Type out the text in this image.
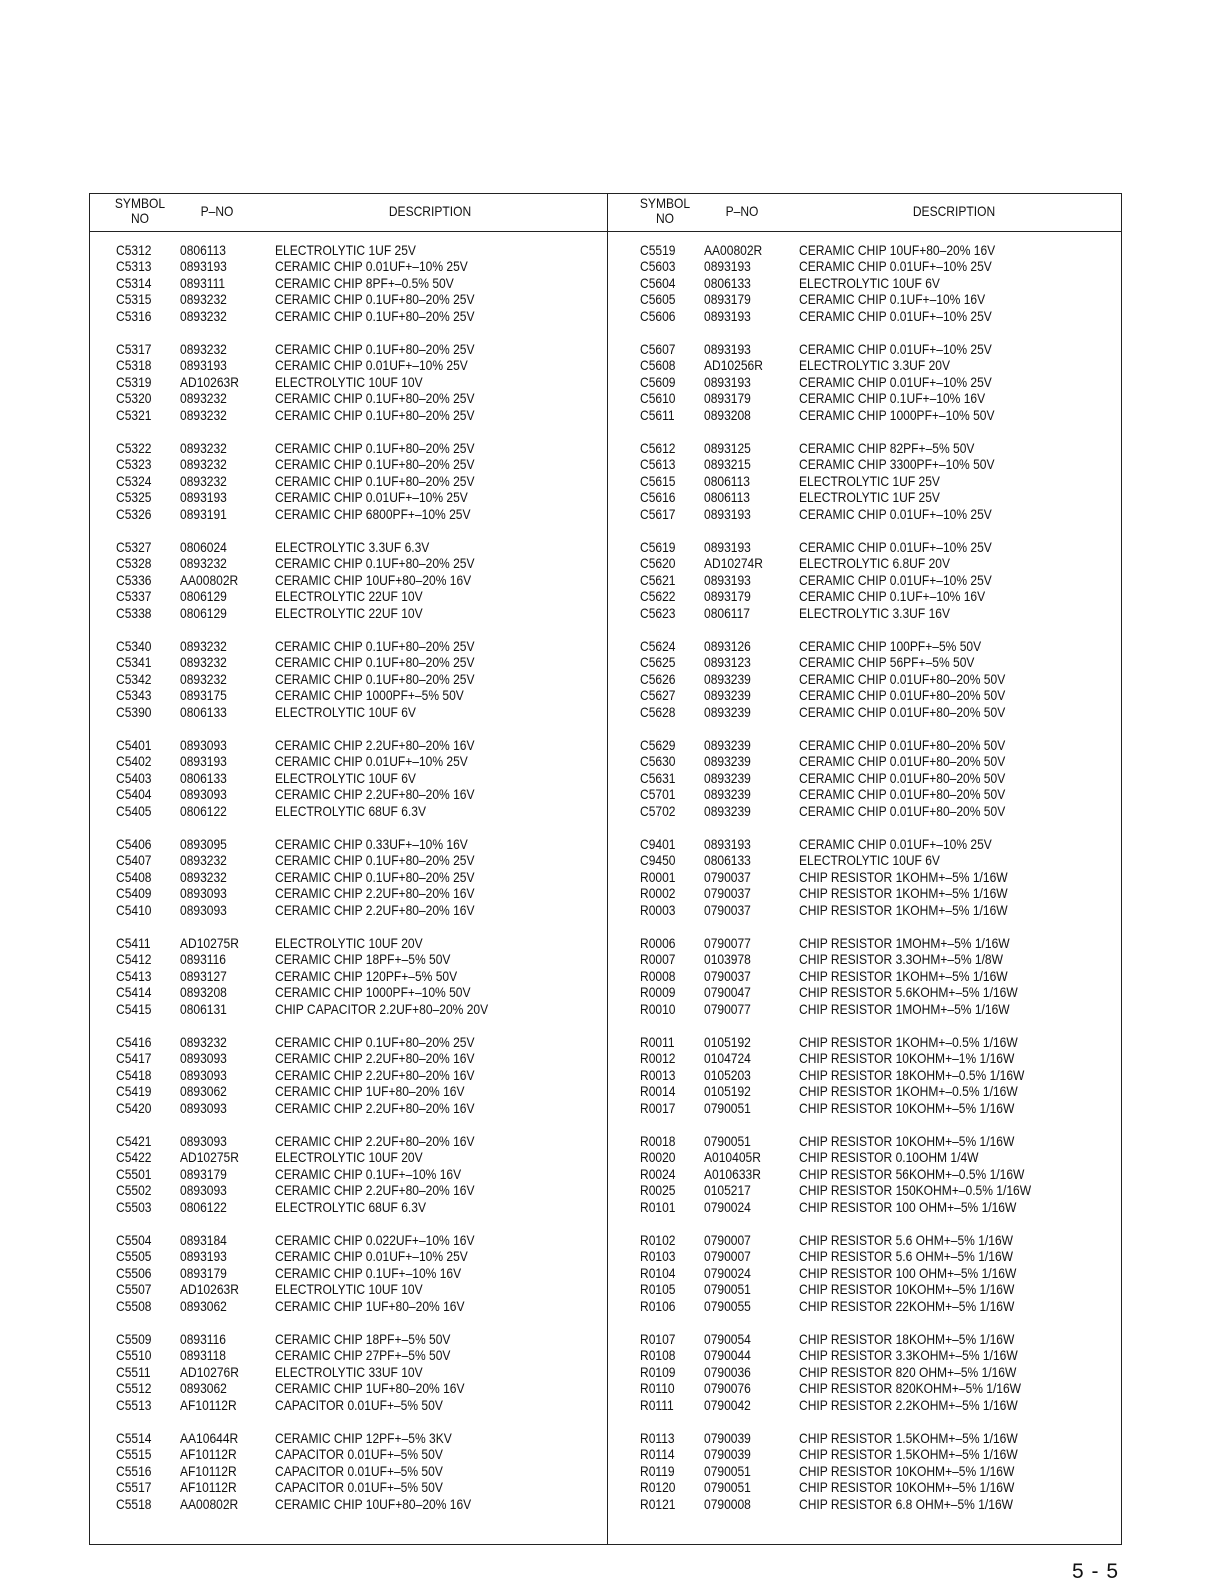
SYMBOL
NO	P–NO	DESCRIPTION	SYMBOL
NO	P–NO	DESCRIPTION
C5312 0806113	ELECTROLYTIC 1UF 25V
C5313 0893193	CERAMIC CHIP 0.01UF+–10% 25V
C5314 0893111	CERAMIC CHIP 8PF+–0.5% 50V
C5315 0893232	CERAMIC CHIP 0.1UF+80–20% 25V
C5316 0893232	CERAMIC CHIP 0.1UF+80–20% 25V
C5317 0893232	CERAMIC CHIP 0.1UF+80–20% 25V
C5318 0893193	CERAMIC CHIP 0.01UF+–10% 25V
C5319 AD10263R	ELECTROLYTIC 10UF 10V
C5320 0893232	CERAMIC CHIP 0.1UF+80–20% 25V
C5321 0893232	CERAMIC CHIP 0.1UF+80–20% 25V
C5322 0893232	CERAMIC CHIP 0.1UF+80–20% 25V
C5323 0893232	CERAMIC CHIP 0.1UF+80–20% 25V
C5324 0893232	CERAMIC CHIP 0.1UF+80–20% 25V
C5325 0893193	CERAMIC CHIP 0.01UF+–10% 25V
C5326 0893191	CERAMIC CHIP 6800PF+–10% 25V
C5327 0806024	ELECTROLYTIC 3.3UF 6.3V
C5328 0893232	CERAMIC CHIP 0.1UF+80–20% 25V
C5336 AA00802R	CERAMIC CHIP 10UF+80–20% 16V
C5337 0806129	ELECTROLYTIC 22UF 10V
C5338 0806129	ELECTROLYTIC 22UF 10V
C5340 0893232	CERAMIC CHIP 0.1UF+80–20% 25V
C5341 0893232	CERAMIC CHIP 0.1UF+80–20% 25V
C5342 0893232	CERAMIC CHIP 0.1UF+80–20% 25V
C5343 0893175	CERAMIC CHIP 1000PF+–5% 50V
C5390 0806133	ELECTROLYTIC 10UF 6V
C5401 0893093	CERAMIC CHIP 2.2UF+80–20% 16V
C5402 0893193	CERAMIC CHIP 0.01UF+–10% 25V
C5403 0806133	ELECTROLYTIC 10UF 6V
C5404 0893093	CERAMIC CHIP 2.2UF+80–20% 16V
C5405 0806122	ELECTROLYTIC 68UF 6.3V
C5406 0893095	CERAMIC CHIP 0.33UF+–10% 16V
C5407 0893232	CERAMIC CHIP 0.1UF+80–20% 25V
C5408 0893232	CERAMIC CHIP 0.1UF+80–20% 25V
C5409 0893093	CERAMIC CHIP 2.2UF+80–20% 16V
C5410 0893093	CERAMIC CHIP 2.2UF+80–20% 16V
C5411 AD10275R	ELECTROLYTIC 10UF 20V
C5412 0893116	CERAMIC CHIP 18PF+–5% 50V
C5413 0893127	CERAMIC CHIP 120PF+–5% 50V
C5414 0893208	CERAMIC CHIP 1000PF+–10% 50V
C5415 0806131	CHIP CAPACITOR 2.2UF+80–20% 20V
C5416 0893232	CERAMIC CHIP 0.1UF+80–20% 25V
C5417 0893093	CERAMIC CHIP 2.2UF+80–20% 16V
C5418 0893093	CERAMIC CHIP 2.2UF+80–20% 16V
C5419 0893062	CERAMIC CHIP 1UF+80–20% 16V
C5420 0893093	CERAMIC CHIP 2.2UF+80–20% 16V
C5421 0893093	CERAMIC CHIP 2.2UF+80–20% 16V
C5422 AD10275R	ELECTROLYTIC 10UF 20V
C5501 0893179	CERAMIC CHIP 0.1UF+–10% 16V
C5502 0893093	CERAMIC CHIP 2.2UF+80–20% 16V
C5503 0806122	ELECTROLYTIC 68UF 6.3V
C5504 0893184	CERAMIC CHIP 0.022UF+–10% 16V
C5505 0893193	CERAMIC CHIP 0.01UF+–10% 25V
C5506 0893179	CERAMIC CHIP 0.1UF+–10% 16V
C5507 AD10263R	ELECTROLYTIC 10UF 10V
C5508 0893062	CERAMIC CHIP 1UF+80–20% 16V
C5509 0893116	CERAMIC CHIP 18PF+–5% 50V
C5510 0893118	CERAMIC CHIP 27PF+–5% 50V
C5511 AD10276R	ELECTROLYTIC 33UF 10V
C5512 0893062	CERAMIC CHIP 1UF+80–20% 16V
C5513 AF10112R	CAPACITOR 0.01UF+–5% 50V
C5514 AA10644R	CERAMIC CHIP 12PF+–5% 3KV
C5515 AF10112R	CAPACITOR 0.01UF+–5% 50V
C5516 AF10112R	CAPACITOR 0.01UF+–5% 50V
C5517 AF10112R	CAPACITOR 0.01UF+–5% 50V
C5518 AA00802R	CERAMIC CHIP 10UF+80–20% 16V
C5519 AA00802R	CERAMIC CHIP 10UF+80–20% 16V
C5603 0893193	CERAMIC CHIP 0.01UF+–10% 25V
C5604 0806133	ELECTROLYTIC 10UF 6V
C5605 0893179	CERAMIC CHIP 0.1UF+–10% 16V
C5606 0893193	CERAMIC CHIP 0.01UF+–10% 25V
C5607 0893193	CERAMIC CHIP 0.01UF+–10% 25V
C5608 AD10256R	ELECTROLYTIC 3.3UF 20V
C5609 0893193	CERAMIC CHIP 0.01UF+–10% 25V
C5610 0893179	CERAMIC CHIP 0.1UF+–10% 16V
C5611 0893208	CERAMIC CHIP 1000PF+–10% 50V
C5612 0893125	CERAMIC CHIP 82PF+–5% 50V
C5613 0893215	CERAMIC CHIP 3300PF+–10% 50V
C5615 0806113	ELECTROLYTIC 1UF 25V
C5616 0806113	ELECTROLYTIC 1UF 25V
C5617 0893193	CERAMIC CHIP 0.01UF+–10% 25V
C5619 0893193	CERAMIC CHIP 0.01UF+–10% 25V
C5620 AD10274R	ELECTROLYTIC 6.8UF 20V
C5621 0893193	CERAMIC CHIP 0.01UF+–10% 25V
C5622 0893179	CERAMIC CHIP 0.1UF+–10% 16V
C5623 0806117	ELECTROLYTIC 3.3UF 16V
C5624 0893126	CERAMIC CHIP 100PF+–5% 50V
C5625 0893123	CERAMIC CHIP 56PF+–5% 50V
C5626 0893239	CERAMIC CHIP 0.01UF+80–20% 50V
C5627 0893239	CERAMIC CHIP 0.01UF+80–20% 50V
C5628 0893239	CERAMIC CHIP 0.01UF+80–20% 50V
C5629 0893239	CERAMIC CHIP 0.01UF+80–20% 50V
C5630 0893239	CERAMIC CHIP 0.01UF+80–20% 50V
C5631 0893239	CERAMIC CHIP 0.01UF+80–20% 50V
C5701 0893239	CERAMIC CHIP 0.01UF+80–20% 50V
C5702 0893239	CERAMIC CHIP 0.01UF+80–20% 50V
C9401 0893193	CERAMIC CHIP 0.01UF+–10% 25V
C9450 0806133	ELECTROLYTIC 10UF 6V
R0001 0790037	CHIP RESISTOR 1KOHM+–5% 1/16W
R0002 0790037	CHIP RESISTOR 1KOHM+–5% 1/16W
R0003 0790037	CHIP RESISTOR 1KOHM+–5% 1/16W
R0006 0790077	CHIP RESISTOR 1MOHM+–5% 1/16W
R0007 0103978	CHIP RESISTOR 3.3OHM+–5% 1/8W
R0008 0790037	CHIP RESISTOR 1KOHM+–5% 1/16W
R0009 0790047	CHIP RESISTOR 5.6KOHM+–5% 1/16W
R0010 0790077	CHIP RESISTOR 1MOHM+–5% 1/16W
R0011 0105192	CHIP RESISTOR 1KOHM+–0.5% 1/16W
R0012 0104724	CHIP RESISTOR 10KOHM+–1% 1/16W
R0013 0105203	CHIP RESISTOR 18KOHM+–0.5% 1/16W
R0014 0105192	CHIP RESISTOR 1KOHM+–0.5% 1/16W
R0017 0790051	CHIP RESISTOR 10KOHM+–5% 1/16W
R0018 0790051	CHIP RESISTOR 10KOHM+–5% 1/16W
R0020 A010405R	CHIP RESISTOR 0.10OHM 1/4W
R0024 A010633R	CHIP RESISTOR 56KOHM+–0.5% 1/16W
R0025 0105217	CHIP RESISTOR 150KOHM+–0.5% 1/16W
R0101 0790024	CHIP RESISTOR 100 OHM+–5% 1/16W
R0102 0790007	CHIP RESISTOR 5.6 OHM+–5% 1/16W
R0103 0790007	CHIP RESISTOR 5.6 OHM+–5% 1/16W
R0104 0790024	CHIP RESISTOR 100 OHM+–5% 1/16W
R0105 0790051	CHIP RESISTOR 10KOHM+–5% 1/16W
R0106 0790055	CHIP RESISTOR 22KOHM+–5% 1/16W
R0107 0790054	CHIP RESISTOR 18KOHM+–5% 1/16W
R0108 0790044	CHIP RESISTOR 3.3KOHM+–5% 1/16W
R0109 0790036	CHIP RESISTOR 820 OHM+–5% 1/16W
R0110 0790076	CHIP RESISTOR 820KOHM+–5% 1/16W
R0111 0790042	CHIP RESISTOR 2.2KOHM+–5% 1/16W
R0113 0790039	CHIP RESISTOR 1.5KOHM+–5% 1/16W
R0114 0790039	CHIP RESISTOR 1.5KOHM+–5% 1/16W
R0119 0790051	CHIP RESISTOR 10KOHM+–5% 1/16W
R0120 0790051	CHIP RESISTOR 10KOHM+–5% 1/16W
R0121 0790008	CHIP RESISTOR 6.8 OHM+–5% 1/16W
5 - 5
